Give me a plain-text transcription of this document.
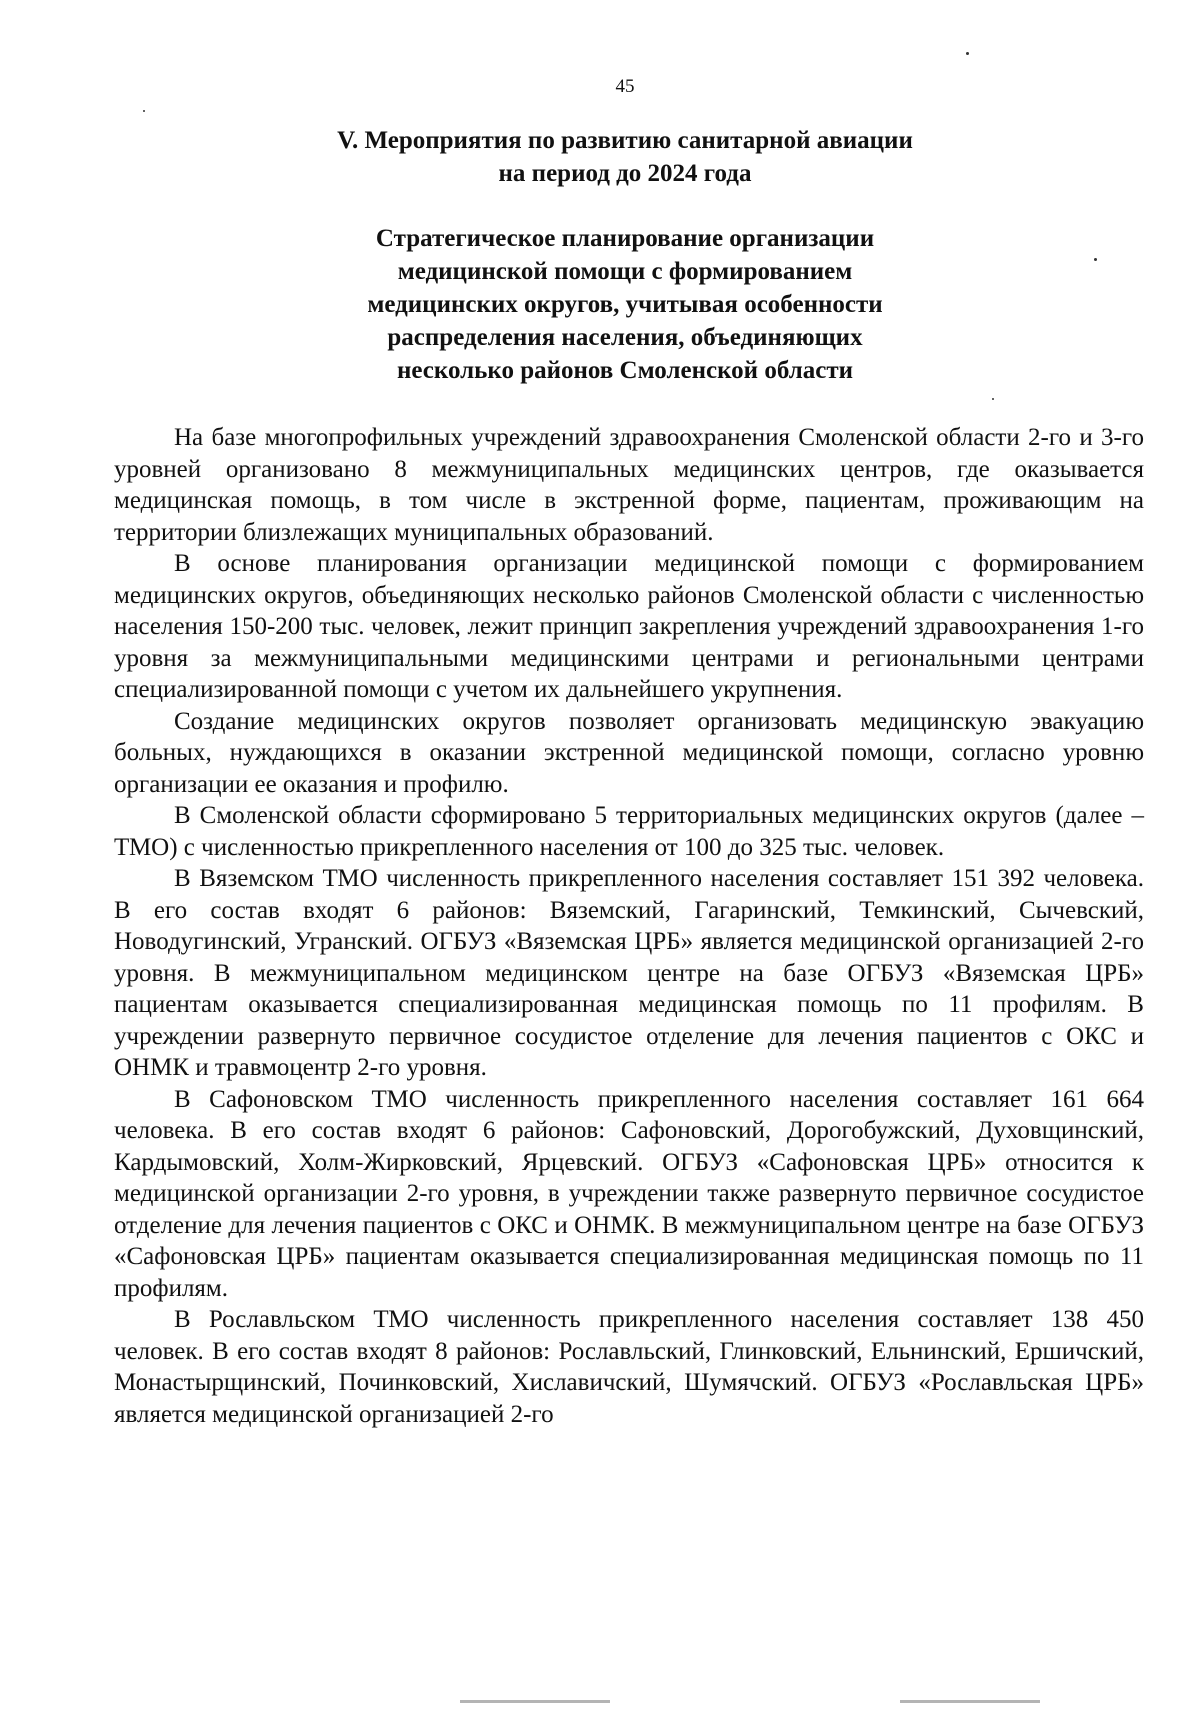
45
V. Мероприятия по развитию санитарной авиации
на период до 2024 года
Стратегическое планирование организации
медицинской помощи с формированием
медицинских округов, учитывая особенности
распределения населения, объединяющих
несколько районов Смоленской области

На базе многопрофильных учреждений здравоохранения Смоленской области 2-го и 3-го уровней организовано 8 межмуниципальных медицинских центров, где оказывается медицинская помощь, в том числе в экстренной форме, пациентам, проживающим на территории близлежащих муниципальных образований.

В основе планирования организации медицинской помощи с формированием медицинских округов, объединяющих несколько районов Смоленской области с численностью населения 150-200 тыс. человек, лежит принцип закрепления учреждений здравоохранения 1-го уровня за межмуниципальными медицинскими центрами и региональными центрами специализированной помощи с учетом их дальнейшего укрупнения.

Создание медицинских округов позволяет организовать медицинскую эвакуацию больных, нуждающихся в оказании экстренной медицинской помощи, согласно уровню организации ее оказания и профилю.

В Смоленской области сформировано 5 территориальных медицинских округов (далее – ТМО) с численностью прикрепленного населения от 100 до 325 тыс. человек.

В Вяземском ТМО численность прикрепленного населения составляет 151 392 человека. В его состав входят 6 районов: Вяземский, Гагаринский, Темкинский, Сычевский, Новодугинский, Угранский. ОГБУЗ «Вяземская ЦРБ» является медицинской организацией 2-го уровня. В межмуниципальном медицинском центре на базе ОГБУЗ «Вяземская ЦРБ» пациентам оказывается специализированная медицинская помощь по 11 профилям. В учреждении развернуто первичное сосудистое отделение для лечения пациентов с ОКС и ОНМК и травмоцентр 2-го уровня.

В Сафоновском ТМО численность прикрепленного населения составляет 161 664 человека. В его состав входят 6 районов: Сафоновский, Дорогобужский, Духовщинский, Кардымовский, Холм-Жирковский, Ярцевский. ОГБУЗ «Сафоновская ЦРБ» относится к медицинской организации 2-го уровня, в учреждении также развернуто первичное сосудистое отделение для лечения пациентов с ОКС и ОНМК. В межмуниципальном центре на базе ОГБУЗ «Сафоновская ЦРБ» пациентам оказывается специализированная медицинская помощь по 11 профилям.

В Рославльском ТМО численность прикрепленного населения составляет 138 450 человек. В его состав входят 8 районов: Рославльский, Глинковский, Ельнинский, Ершичский, Монастырщинский, Починковский, Хиславичский, Шумячский. ОГБУЗ «Рославльская ЦРБ» является медицинской организацией 2-го
